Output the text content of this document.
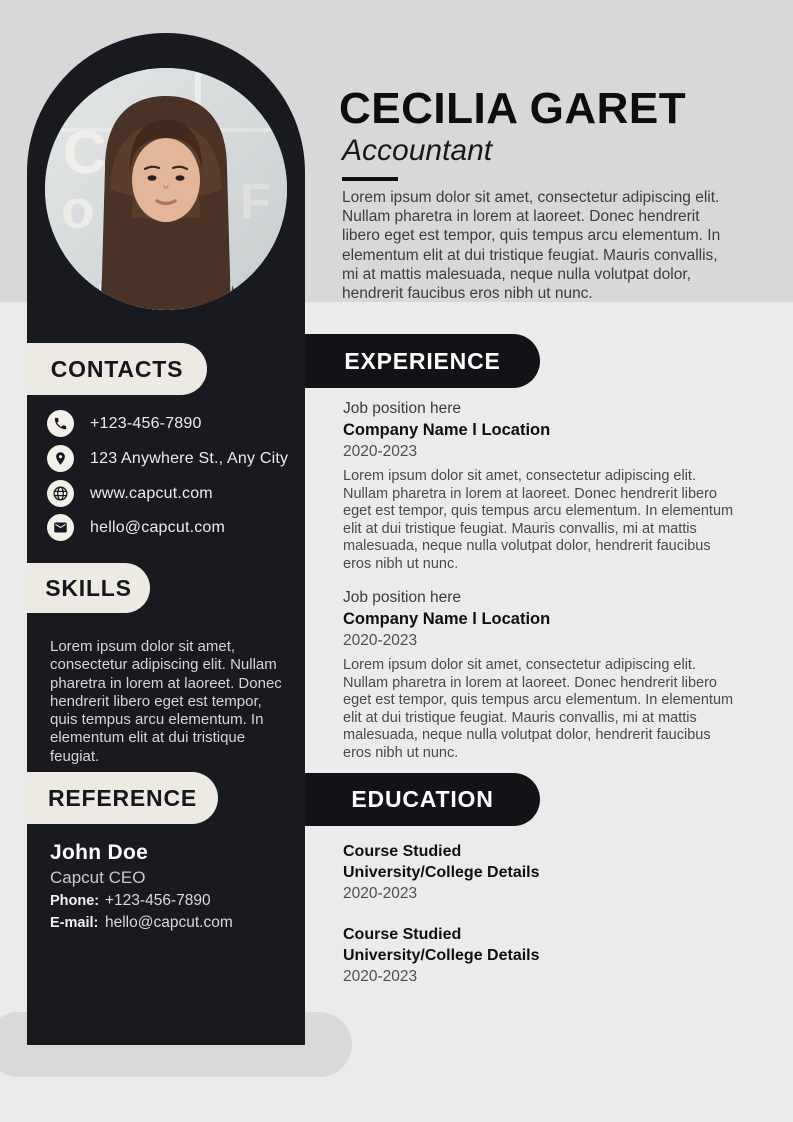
C
o	F
CONTACTS
+123-456-7890
123 Anywhere St., Any City
www.capcut.com
hello@capcut.com
SKILLS
Lorem ipsum dolor sit amet, consectetur adipiscing elit. Nullam pharetra in lorem at laoreet. Donec hendrerit libero eget est tempor, quis tempus arcu elementum. In elementum elit at dui tristique feugiat.
REFERENCE
John Doe
Capcut CEO
Phone: +123-456-7890
E-mail: hello@capcut.com
CECILIA GARET
Accountant
Lorem ipsum dolor sit amet, consectetur adipiscing elit. Nullam pharetra in lorem at laoreet. Donec hendrerit libero eget est tempor, quis tempus arcu elementum. In elementum elit at dui tristique feugiat. Mauris convallis, mi at mattis malesuada, neque nulla volutpat dolor, hendrerit faucibus eros nibh ut nunc.
EXPERIENCE
Job position here
Company Name l Location
2020-2023
Lorem ipsum dolor sit amet, consectetur adipiscing elit. Nullam pharetra in lorem at laoreet. Donec hendrerit libero eget est tempor, quis tempus arcu elementum. In elementum elit at dui tristique feugiat. Mauris convallis, mi at mattis malesuada, neque nulla volutpat dolor, hendrerit faucibus eros nibh ut nunc.
Job position here
Company Name l Location
2020-2023
Lorem ipsum dolor sit amet, consectetur adipiscing elit. Nullam pharetra in lorem at laoreet. Donec hendrerit libero eget est tempor, quis tempus arcu elementum. In elementum elit at dui tristique feugiat. Mauris convallis, mi at mattis malesuada, neque nulla volutpat dolor, hendrerit faucibus eros nibh ut nunc.
EDUCATION
Course Studied
University/College Details
2020-2023
Course Studied
University/College Details
2020-2023
